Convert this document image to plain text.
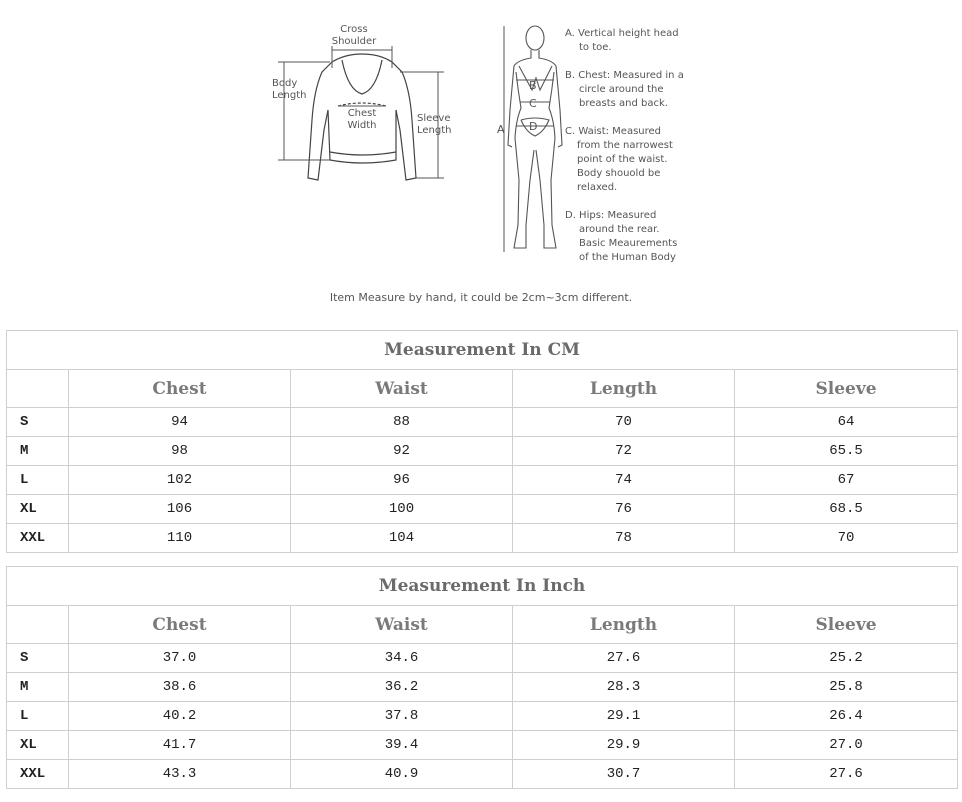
Cross
Shoulder
Body
Length
Chest
Width
Sleeve
Length	A
B
C
D
A. Vertical height head
to toe.
B. Chest: Measured in a
circle around the
breasts and back.
C. Waist: Measured
from the narrowest
point of the waist.
Body shouold be
relaxed.
D. Hips: Measured
around the rear.
Basic Meaurements
of the Human Body
Item Measure by hand, it could be 2cm~3cm different.
Measurement In CM				
	Chest	Waist	Length	Sleeve
S	94	88	70	64
M	98	92	72	65.5
L	102	96	74	67
XL	106	100	76	68.5
XXL	110	104	78	70
Measurement In Inch				
	Chest	Waist	Length	Sleeve
S	37.0	34.6	27.6	25.2
M	38.6	36.2	28.3	25.8
L	40.2	37.8	29.1	26.4
XL	41.7	39.4	29.9	27.0
XXL	43.3	40.9	30.7	27.6
